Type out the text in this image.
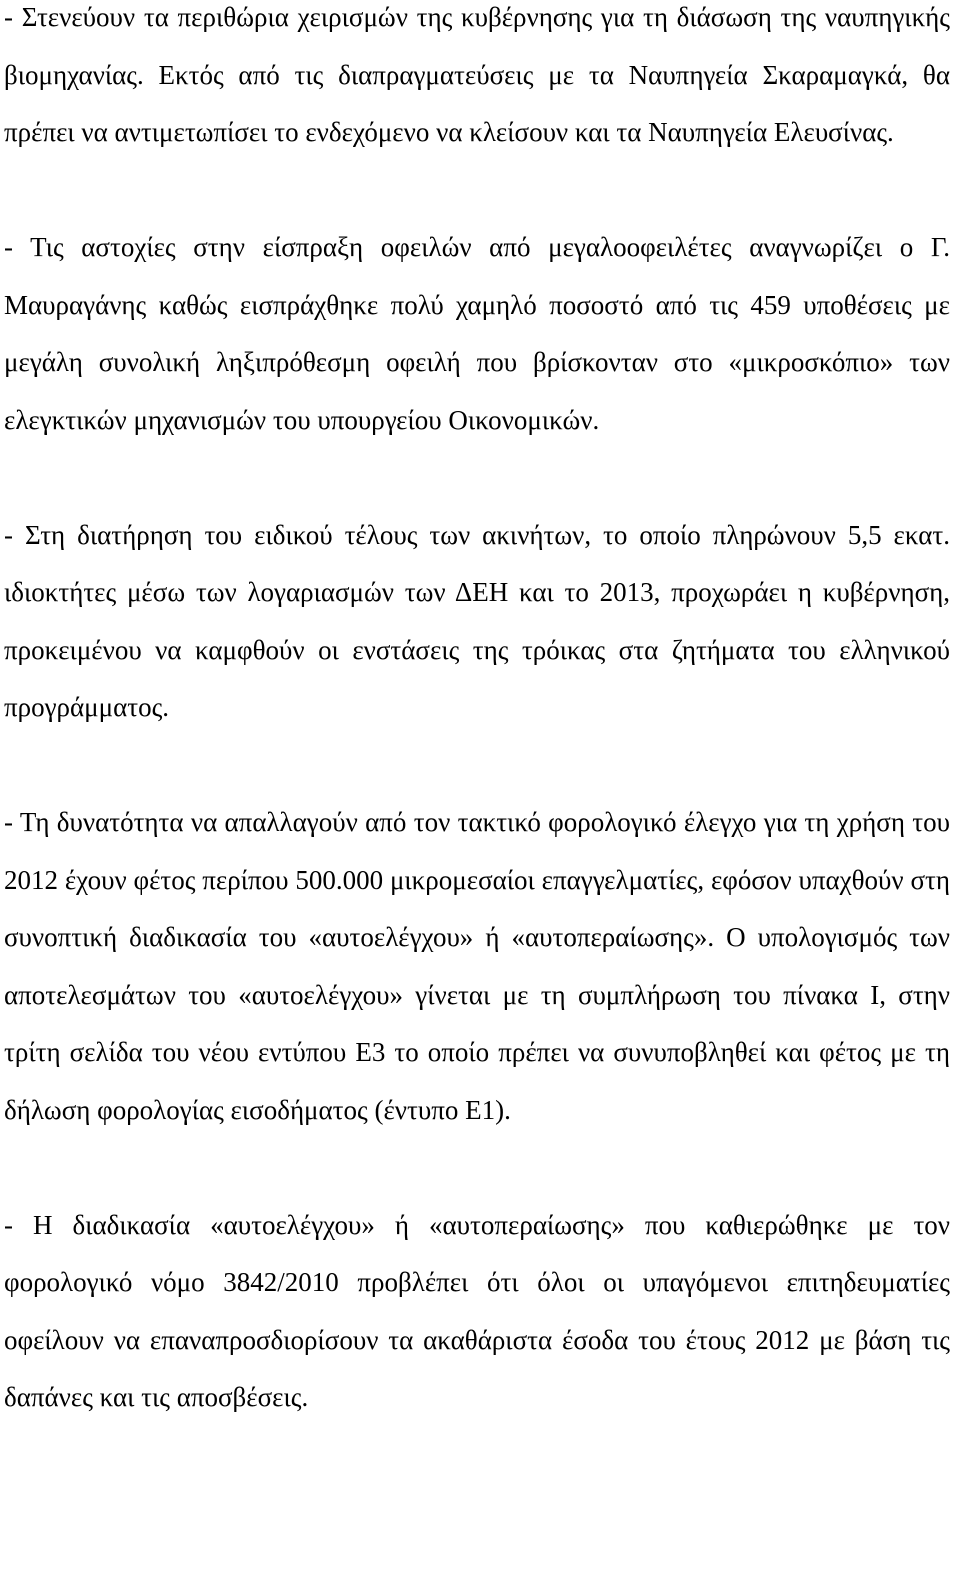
- Στενεύουν τα περιθώρια χειρισμών της κυβέρνησης για τη διάσωση της ναυπηγικής βιομηχανίας. Εκτός από τις διαπραγματεύσεις με τα Ναυπηγεία Σκαραμαγκά, θα πρέπει να αντιμετωπίσει το ενδεχόμενο να κλείσουν και τα Ναυπηγεία Ελευσίνας.

- Τις αστοχίες στην είσπραξη οφειλών από μεγαλοοφειλέτες αναγνωρίζει ο Γ. Μαυραγάνης καθώς εισπράχθηκε πολύ χαμηλό ποσοστό από τις 459 υποθέσεις με μεγάλη συνολική ληξιπρόθεσμη οφειλή που βρίσκονταν στο «μικροσκόπιο» των ελεγκτικών μηχανισμών του υπουργείου Οικονομικών.

- Στη διατήρηση του ειδικού τέλους των ακινήτων, το οποίο πληρώνουν 5,5 εκατ. ιδιοκτήτες μέσω των λογαριασμών των ΔΕΗ και το 2013, προχωράει η κυβέρνηση, προκειμένου να καμφθούν οι ενστάσεις της τρόικας στα ζητήματα του ελληνικού προγράμματος.

- Τη δυνατότητα να απαλλαγούν από τον τακτικό φορολογικό έλεγχο για τη χρήση του 2012 έχουν φέτος περίπου 500.000 μικρομεσαίοι επαγγελματίες, εφόσον υπαχθούν στη συνοπτική διαδικασία του «αυτοελέγχου» ή «αυτοπεραίωσης». Ο υπολογισμός των αποτελεσμάτων του «αυτοελέγχου» γίνεται με τη συμπλήρωση του πίνακα Ι, στην τρίτη σελίδα του νέου εντύπου Ε3 το οποίο πρέπει να συνυποβληθεί και φέτος με τη δήλωση φορολογίας εισοδήματος (έντυπο Ε1).

- Η διαδικασία «αυτοελέγχου» ή «αυτοπεραίωσης» που καθιερώθηκε με τον φορολογικό νόμο 3842/2010 προβλέπει ότι όλοι οι υπαγόμενοι επιτηδευματίες οφείλουν να επαναπροσδιορίσουν τα ακαθάριστα έσοδα του έτους 2012 με βάση τις δαπάνες και τις αποσβέσεις.
